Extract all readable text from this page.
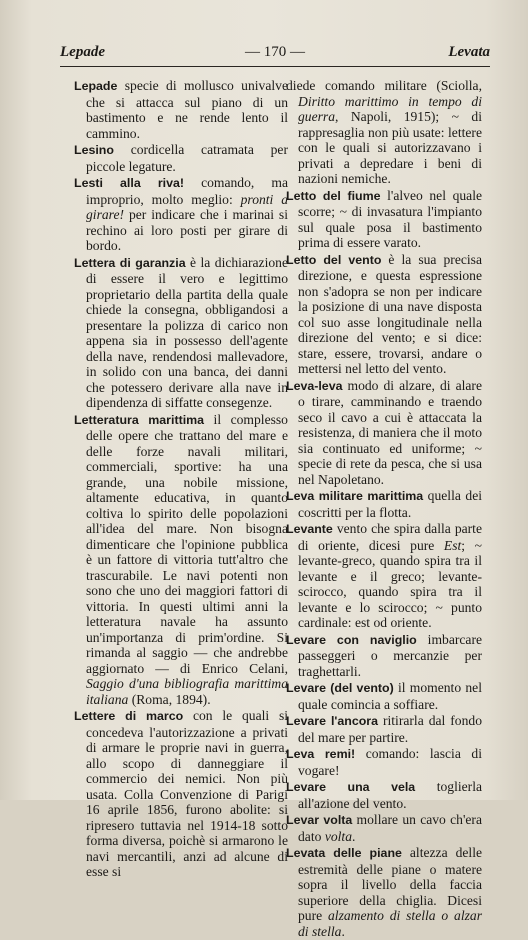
Lepade	— 170 —	Levata

Lepade specie di mollusco univalve che si attacca sul piano di un bastimento e ne rende lento il cammino.

Lesino cordicella catramata per piccole legature.

Lesti alla riva! comando, ma improprio, molto meglio: pronti a girare! per indicare che i marinai si rechino ai loro posti per girare di bordo.

Lettera di garanzia è la dichiarazione di essere il vero e legittimo proprietario della partita della quale chiede la consegna, obbligandosi a presentare la polizza di carico non appena sia in possesso dell'agente della nave, rendendosi mallevadore, in solido con una banca, dei danni che potessero derivare alla nave in dipendenza di siffatte consegenze.

Letteratura marittima il complesso delle opere che trattano del mare e delle forze navali militari, commerciali, sportive: ha una grande, una nobile missione, altamente educativa, in quanto coltiva lo spirito delle popolazioni all'idea del mare. Non bisogna dimenticare che l'opinione pubblica è un fattore di vittoria tutt'altro che trascurabile. Le navi potenti non sono che uno dei maggiori fattori di vittoria. In questi ultimi anni la letteratura navale ha assunto un'importanza di prim'ordine. Si rimanda al saggio — che andrebbe aggiornato — di Enrico Celani, Saggio d'una bibliografia marittima italiana (Roma, 1894).

Lettere di marco con le quali si concedeva l'autorizzazione a privati di armare le proprie navi in guerra, allo scopo di danneggiare il commercio dei nemici. Non più usata. Colla Convenzione di Parigi 16 aprile 1856, furono abolite: si ripresero tuttavia nel 1914-18 sotto forma diversa, poichè si armarono le navi mercantili, anzi ad alcune di esse si

diede comando militare (Sciolla, Diritto marittimo in tempo di guerra, Napoli, 1915); ~ di rappresaglia non più usate: lettere con le quali si autorizzavano i privati a depredare i beni di nazioni nemiche.

Letto del fiume l'alveo nel quale scorre; ~ di invasatura l'impianto sul quale posa il bastimento prima di essere varato.

Letto del vento è la sua precisa direzione, e questa espressione non s'adopra se non per indicare la posizione di una nave disposta col suo asse longitudinale nella direzione del vento; e si dice: stare, essere, trovarsi, andare o mettersi nel letto del vento.

Leva-leva modo di alzare, di alare o tirare, camminando e traendo seco il cavo a cui è attaccata la resistenza, di maniera che il moto sia continuato ed uniforme; ~ specie di rete da pesca, che si usa nel Napoletano.

Leva militare marittima quella dei coscritti per la flotta.

Levante vento che spira dalla parte di oriente, dicesi pure Est; ~ levante-greco, quando spira tra il levante e il greco; levante-scirocco, quando spira tra il levante e lo scirocco; ~ punto cardinale: est od oriente.

Levare con naviglio imbarcare passeggeri o mercanzie per traghettarli.

Levare (del vento) il momento nel quale comincia a soffiare.

Levare l'ancora ritirarla dal fondo del mare per partire.

Leva remi! comando: lascia di vogare!

Levare una vela toglierla all'azione del vento.

Levar volta mollare un cavo ch'era dato volta.

Levata delle piane altezza delle estremità delle piane o matere sopra il livello della faccia superiore della chiglia. Dicesi pure alzamento di stella o alzar di stella.
